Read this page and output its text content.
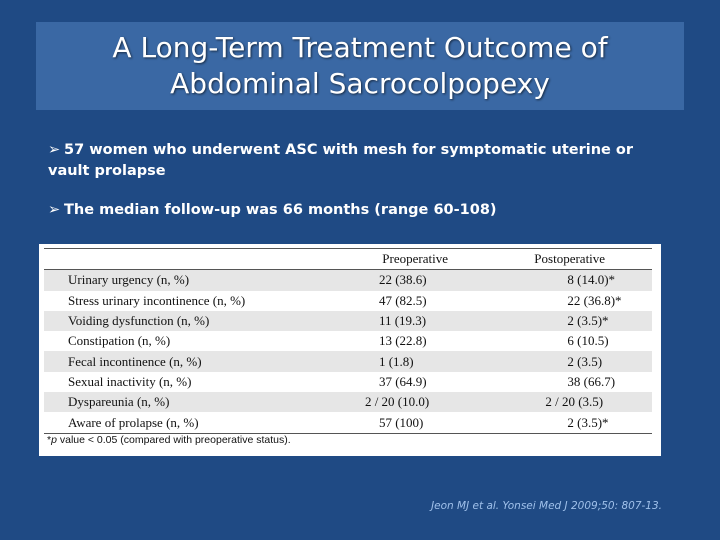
A Long-Term Treatment Outcome of
Abdominal Sacrocolpopexy

➢ 57 women who underwent ASC with mesh for symptomatic uterine or vault prolapse

➢ The median follow-up was 66 months (range 60-108)

	Preoperative	Postoperative
Urinary urgency (n, %)	22 (38.6)	8 (14.0)*
Stress urinary incontinence (n, %)	47 (82.5)	22 (36.8)*
Voiding dysfunction (n, %)	11 (19.3)	2 (3.5)*
Constipation (n, %)	13 (22.8)	6 (10.5)
Fecal incontinence (n, %)	1 (1.8)	2 (3.5)
Sexual inactivity (n, %)	37 (64.9)	38 (66.7)
Dyspareunia (n, %)	2 / 20 (10.0)	2 / 20 (3.5)
Aware of prolapse (n, %)	57 (100)	2 (3.5)*
*p value < 0.05 (compared with preoperative status).
Jeon MJ et al. Yonsei Med J 2009;50: 807-13.
